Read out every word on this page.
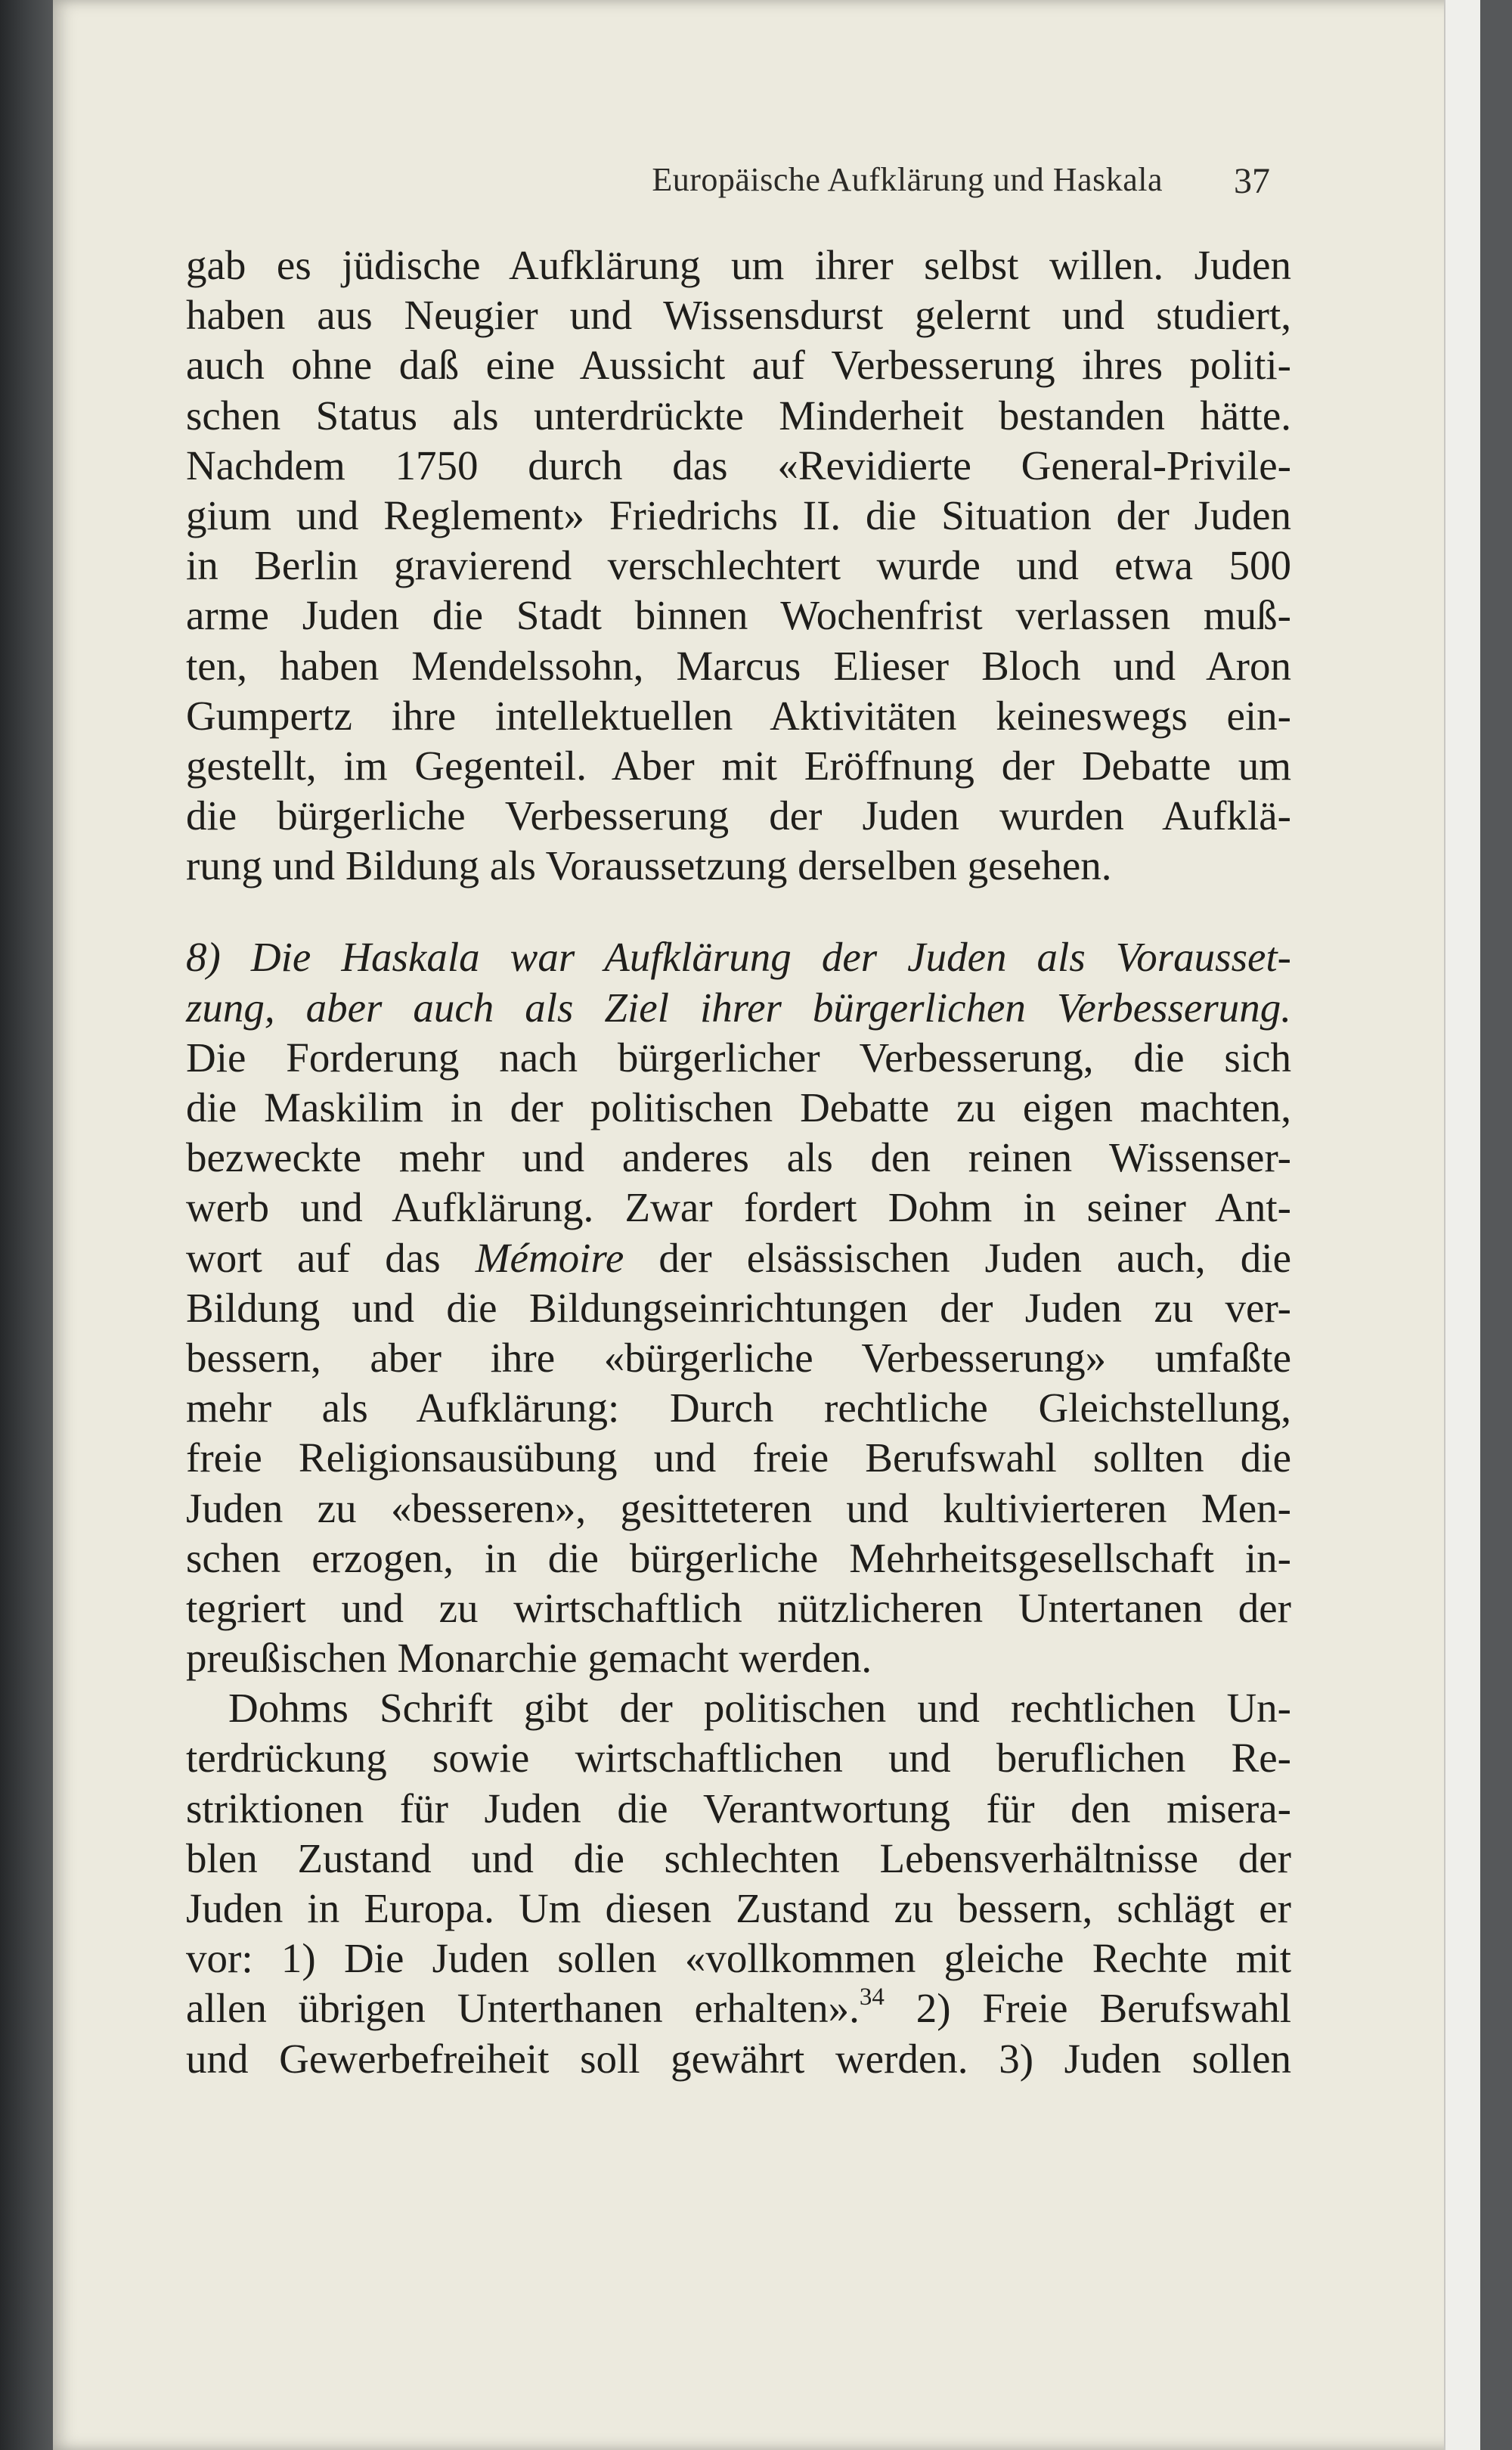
Europäische Aufklärung und Haskala 37
gab es jüdische Aufklärung um ihrer selbst willen. Juden
haben aus Neugier und Wissensdurst gelernt und studiert,
auch ohne daß eine Aussicht auf Verbesserung ihres politi-
schen Status als unterdrückte Minderheit bestanden hätte.
Nachdem 1750 durch das «Revidierte General-Privile-
gium und Reglement» Friedrichs II. die Situation der Juden
in Berlin gravierend verschlechtert wurde und etwa 500
arme Juden die Stadt binnen Wochenfrist verlassen muß-
ten, haben Mendelssohn, Marcus Elieser Bloch und Aron
Gumpertz ihre intellektuellen Aktivitäten keineswegs ein-
gestellt, im Gegenteil. Aber mit Eröffnung der Debatte um
die bürgerliche Verbesserung der Juden wurden Aufklä-
rung und Bildung als Voraussetzung derselben gesehen.
8) Die Haskala war Aufklärung der Juden als Vorausset-
zung, aber auch als Ziel ihrer bürgerlichen Verbesserung.
Die Forderung nach bürgerlicher Verbesserung, die sich
die Maskilim in der politischen Debatte zu eigen machten,
bezweckte mehr und anderes als den reinen Wissenser-
werb und Aufklärung. Zwar fordert Dohm in seiner Ant-
wort auf das Mémoire der elsässischen Juden auch, die
Bildung und die Bildungseinrichtungen der Juden zu ver-
bessern, aber ihre «bürgerliche Verbesserung» umfaßte
mehr als Aufklärung: Durch rechtliche Gleichstellung,
freie Religionsausübung und freie Berufswahl sollten die
Juden zu «besseren», gesitteteren und kultivierteren Men-
schen erzogen, in die bürgerliche Mehrheitsgesellschaft in-
tegriert und zu wirtschaftlich nützlicheren Untertanen der
preußischen Monarchie gemacht werden.
Dohms Schrift gibt der politischen und rechtlichen Un-
terdrückung sowie wirtschaftlichen und beruflichen Re-
striktionen für Juden die Verantwortung für den misera-
blen Zustand und die schlechten Lebensverhältnisse der
Juden in Europa. Um diesen Zustand zu bessern, schlägt er
vor: 1) Die Juden sollen «vollkommen gleiche Rechte mit
allen übrigen Unterthanen erhalten».$^{34}$ 2) Freie Berufswahl
und Gewerbefreiheit soll gewährt werden. 3) Juden sollen
